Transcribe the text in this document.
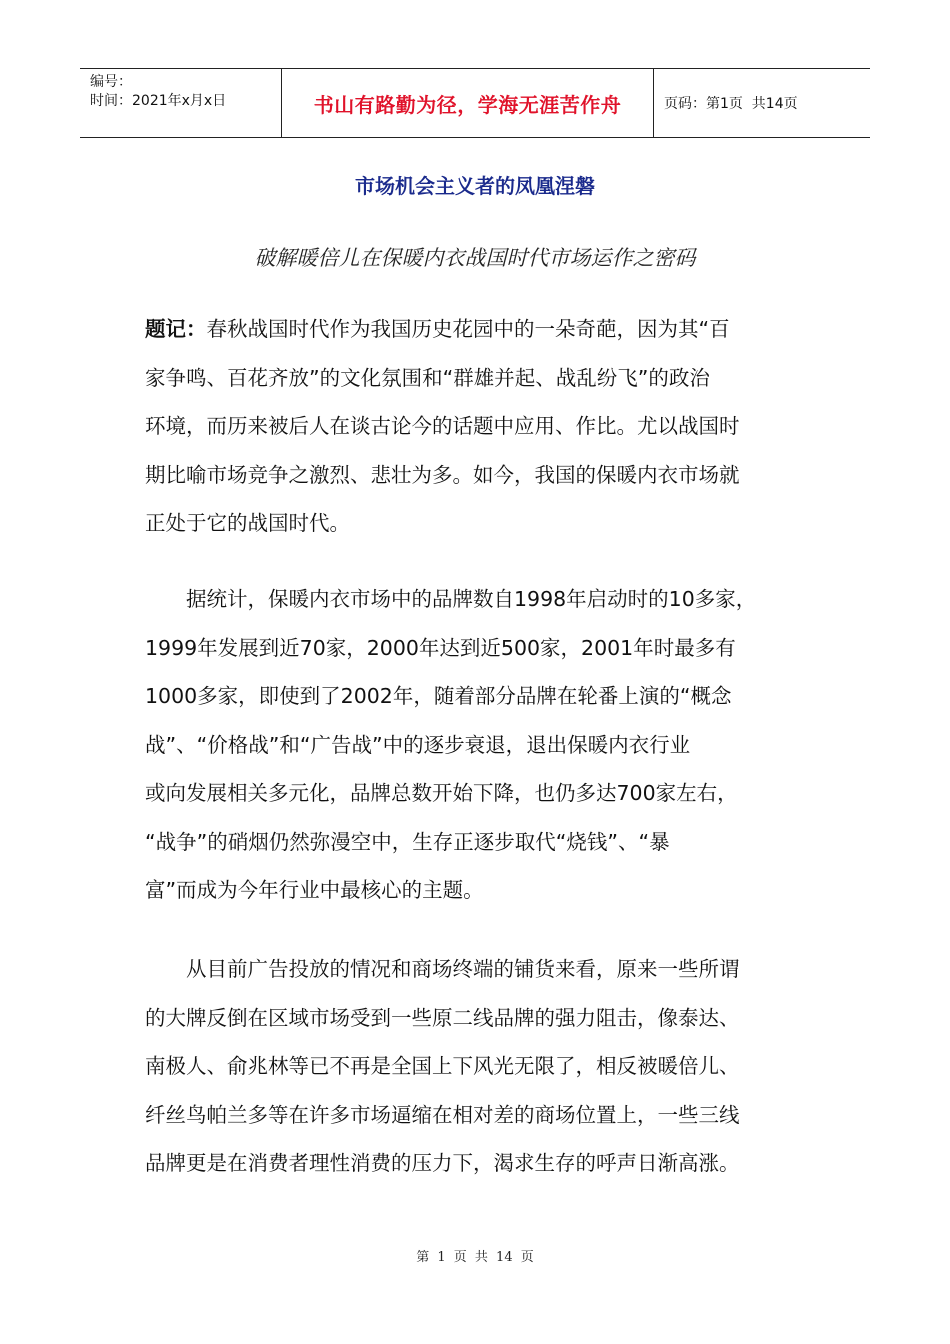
编号：
时间：2021年x月x日	书山有路勤为径，学海无涯苦作舟	页码：第1页  共14页
市场机会主义者的凤凰涅磐
破解暖倍儿在保暖内衣战国时代市场运作之密码
题记：春秋战国时代作为我国历史花园中的一朵奇葩，因为其“百
家争鸣、百花齐放”的文化氛围和“群雄并起、战乱纷飞”的政治
环境，而历来被后人在谈古论今的话题中应用、作比。尤以战国时
期比喻市场竞争之激烈、悲壮为多。如今，我国的保暖内衣市场就
正处于它的战国时代。
　　据统计，保暖内衣市场中的品牌数自1998年启动时的10多家，
1999年发展到近70家，2000年达到近500家，2001年时最多有
1000多家，即使到了2002年，随着部分品牌在轮番上演的“概念
战”、“价格战”和“广告战”中的逐步衰退，退出保暖内衣行业
或向发展相关多元化，品牌总数开始下降，也仍多达700家左右，
“战争”的硝烟仍然弥漫空中，生存正逐步取代“烧钱”、“暴
富”而成为今年行业中最核心的主题。
　　从目前广告投放的情况和商场终端的铺货来看，原来一些所谓
的大牌反倒在区域市场受到一些原二线品牌的强力阻击，像泰达、
南极人、俞兆林等已不再是全国上下风光无限了，相反被暖倍儿、
纤丝鸟帕兰多等在许多市场逼缩在相对差的商场位置上，一些三线
品牌更是在消费者理性消费的压力下，渴求生存的呼声日渐高涨。
第 1 页 共 14 页
